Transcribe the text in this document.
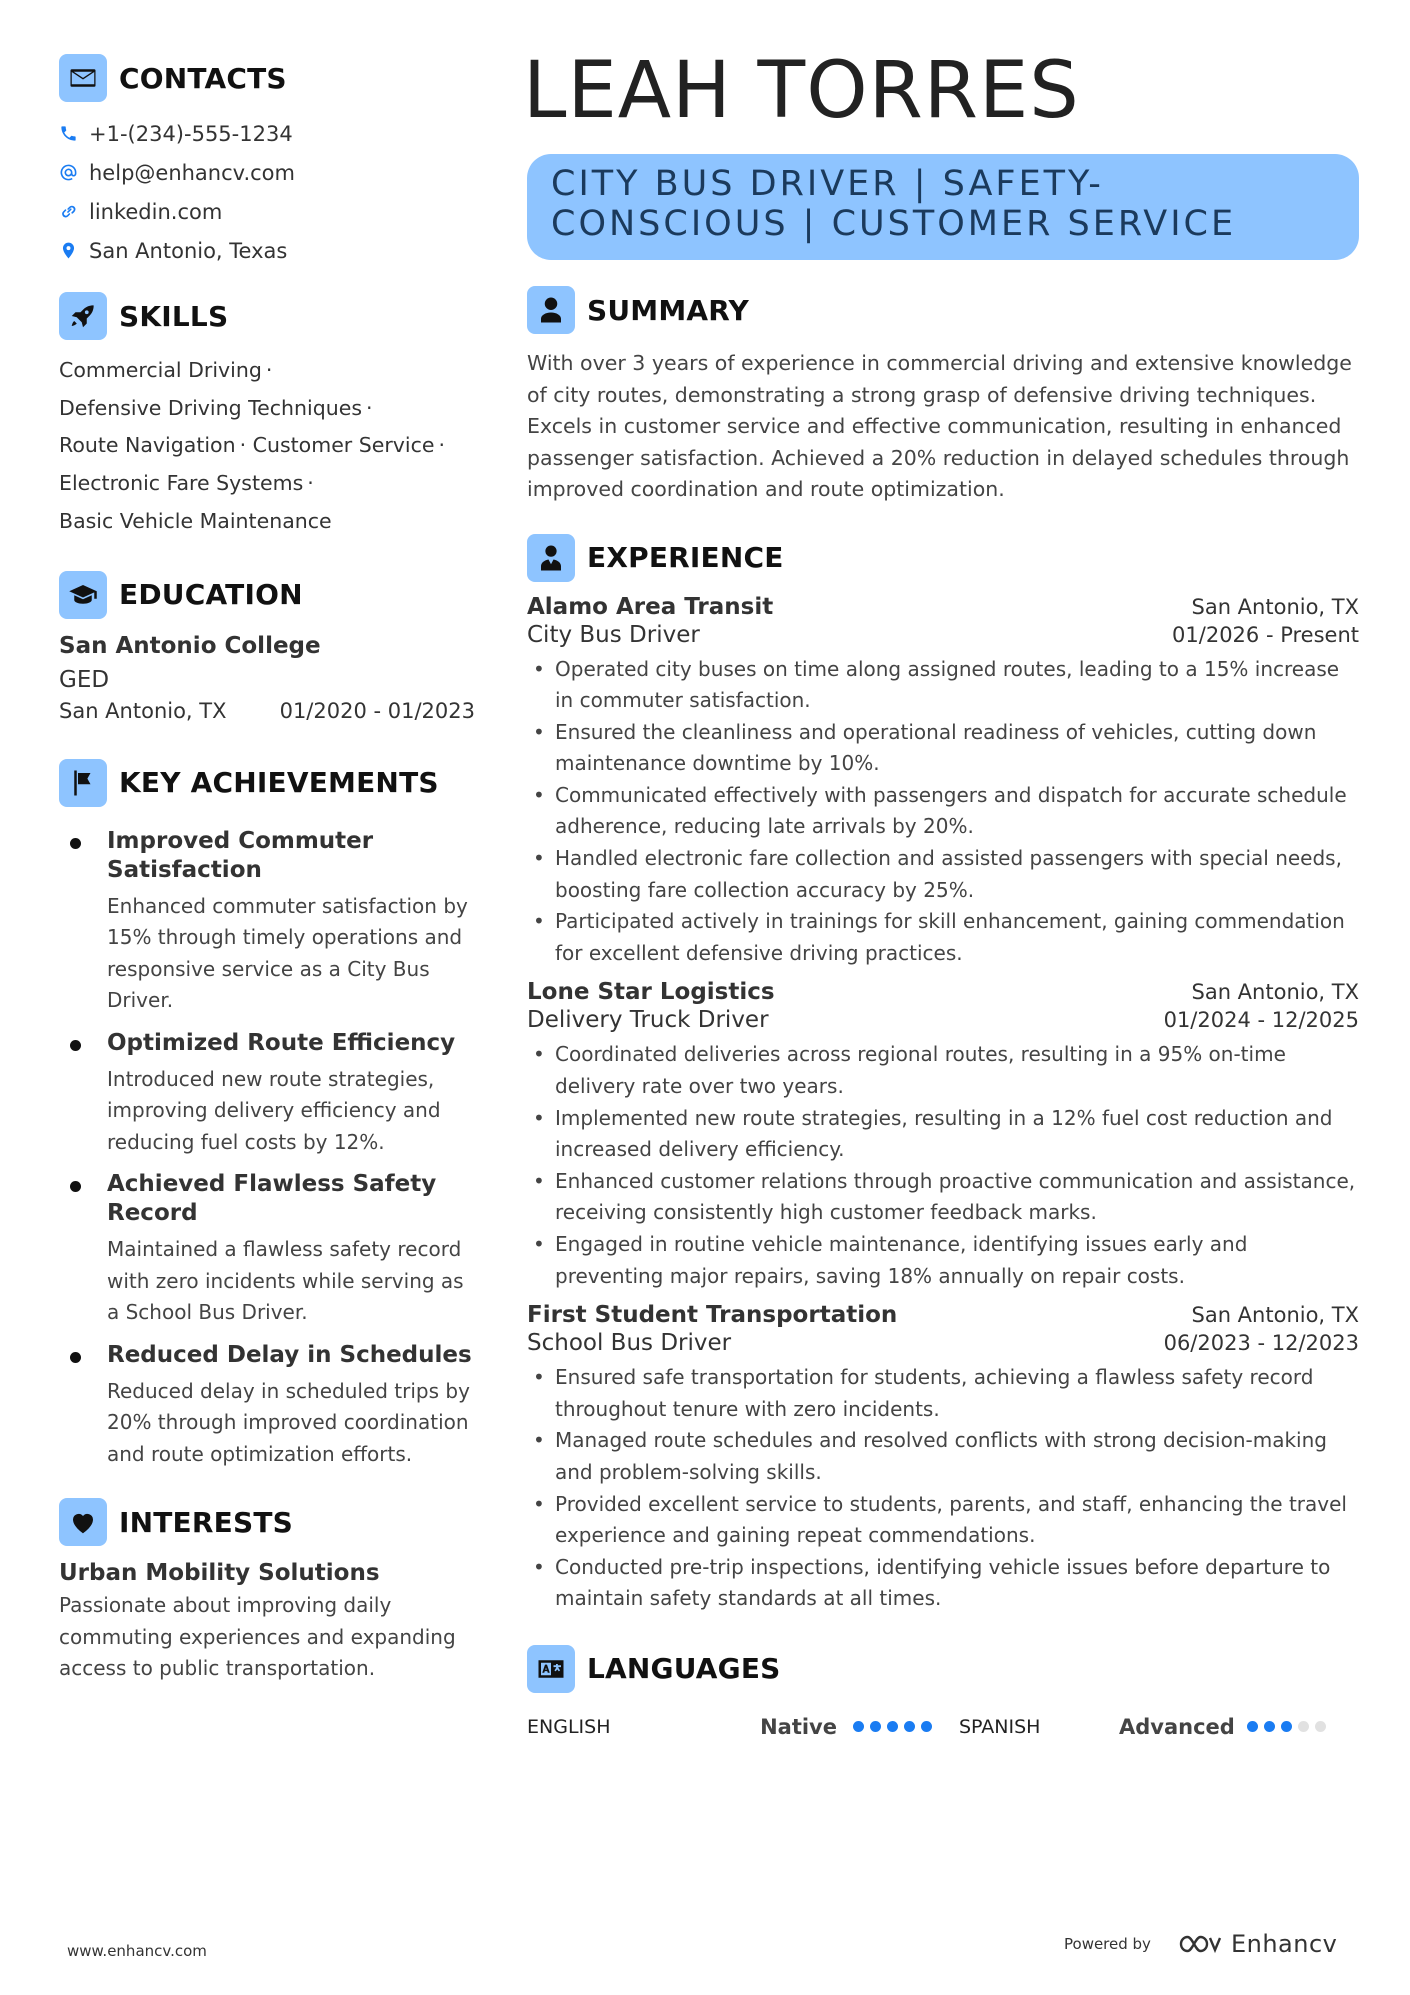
CONTACTS
+1-(234)-555-1234
help@enhancv.com
linkedin.com
San Antonio, Texas
SKILLS
Commercial Driving ·
Defensive Driving Techniques ·
Route Navigation · Customer Service ·
Electronic Fare Systems ·
Basic Vehicle Maintenance
EDUCATION
San Antonio College
GED
San Antonio, TX	01/2020 - 01/2023
KEY ACHIEVEMENTS
Improved Commuter Satisfaction
Enhanced commuter satisfaction by 15% through timely operations and responsive service as a City Bus Driver.
Optimized Route Efficiency
Introduced new route strategies, improving delivery efficiency and reducing fuel costs by 12%.
Achieved Flawless Safety Record
Maintained a flawless safety record with zero incidents while serving as a School Bus Driver.
Reduced Delay in Schedules
Reduced delay in scheduled trips by 20% through improved coordination and route optimization efforts.
INTERESTS
Urban Mobility Solutions
Passionate about improving daily commuting experiences and expanding access to public transportation.
LEAH TORRES
CITY BUS DRIVER | SAFETY-CONSCIOUS | CUSTOMER SERVICE
SUMMARY
With over 3 years of experience in commercial driving and extensive knowledge of city routes, demonstrating a strong grasp of defensive driving techniques. Excels in customer service and effective communication, resulting in enhanced passenger satisfaction. Achieved a 20% reduction in delayed schedules through improved coordination and route optimization.
EXPERIENCE
Alamo Area Transit	San Antonio, TX
City Bus Driver	01/2026 - Present
• Operated city buses on time along assigned routes, leading to a 15% increase in commuter satisfaction.
• Ensured the cleanliness and operational readiness of vehicles, cutting down maintenance downtime by 10%.
• Communicated effectively with passengers and dispatch for accurate schedule adherence, reducing late arrivals by 20%.
• Handled electronic fare collection and assisted passengers with special needs, boosting fare collection accuracy by 25%.
• Participated actively in trainings for skill enhancement, gaining commendation for excellent defensive driving practices.
Lone Star Logistics	San Antonio, TX
Delivery Truck Driver	01/2024 - 12/2025
• Coordinated deliveries across regional routes, resulting in a 95% on-time delivery rate over two years.
• Implemented new route strategies, resulting in a 12% fuel cost reduction and increased delivery efficiency.
• Enhanced customer relations through proactive communication and assistance, receiving consistently high customer feedback marks.
• Engaged in routine vehicle maintenance, identifying issues early and preventing major repairs, saving 18% annually on repair costs.
First Student Transportation	San Antonio, TX
School Bus Driver	06/2023 - 12/2023
• Ensured safe transportation for students, achieving a flawless safety record throughout tenure with zero incidents.
• Managed route schedules and resolved conflicts with strong decision-making and problem-solving skills.
• Provided excellent service to students, parents, and staff, enhancing the travel experience and gaining repeat commendations.
• Conducted pre-trip inspections, identifying vehicle issues before departure to maintain safety standards at all times.
LANGUAGES
ENGLISH	Native	SPANISH	Advanced
www.enhancv.com	Powered by	Enhancv
